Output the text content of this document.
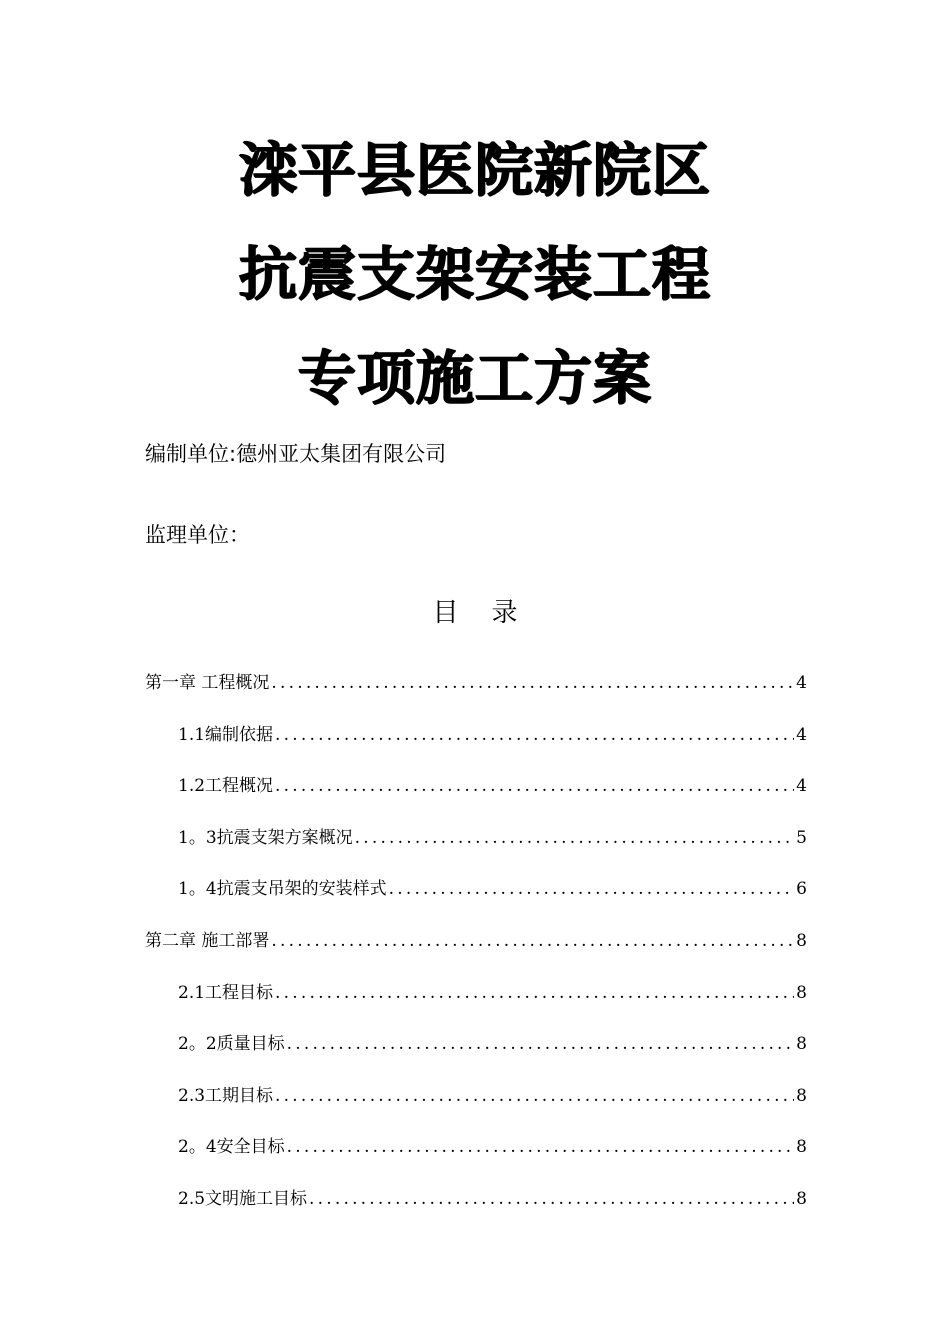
滦平县医院新院区
抗震支架安装工程
专项施工方案
编制单位:德州亚太集团有限公司
监理单位：
目    录
第一章 工程概况 .....	4
1.1编制依据 .....	4
1.2工程概况 .....	4
1。3抗震支架方案概况 .....	5
1。4抗震支吊架的安装样式 .....	6
第二章 施工部署 .....	8
2.1工程目标 .....	8
2。2质量目标 .....	8
2.3工期目标 .....	8
2。4安全目标 .....	8
2.5文明施工目标 .....	8
